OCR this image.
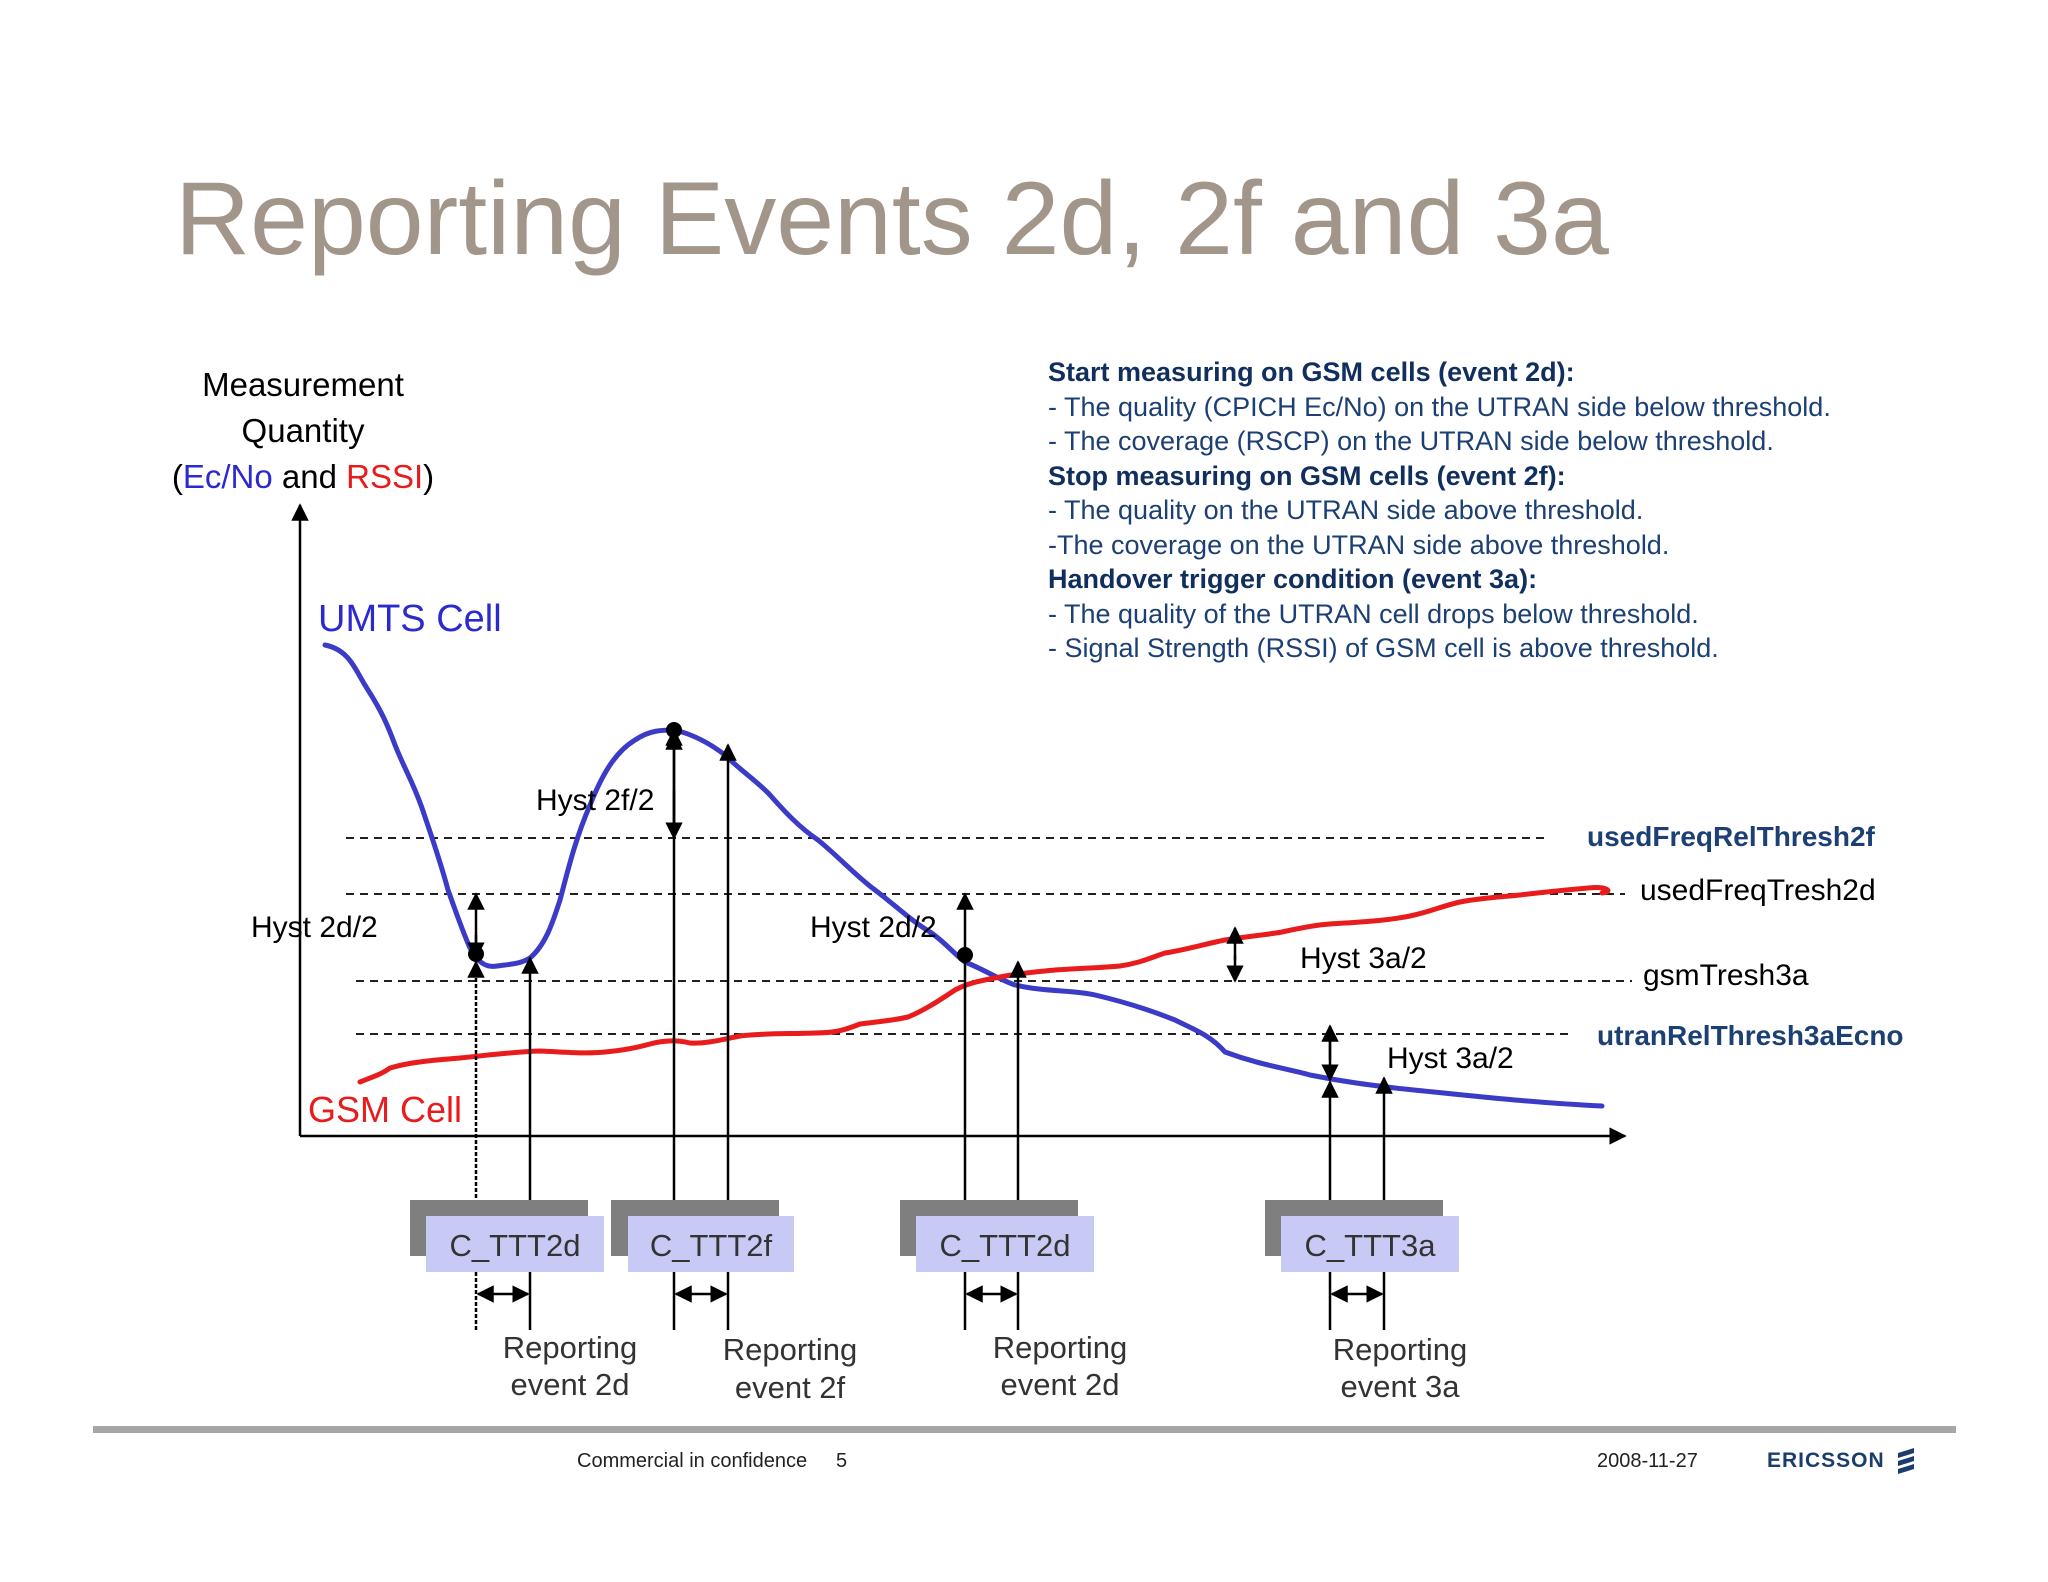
Reporting Events 2d, 2f and 3a
Measurement
Quantity
(Ec/No and RSSI)
usedFreqRelThresh2f
usedFreqTresh2d
gsmTresh3a
utranRelThresh3aEcno
UMTS Cell
GSM Cell
Hyst 2d/2
Hyst 2f/2
Hyst 2d/2
Hyst 3a/2
Hyst 3a/2
C_TTT2d C_TTT2f	C_TTT2d	C_TTT3a
Reporting
event 2d
Reporting
event 2f
Reporting
event 2d
Reporting
event 3a
Start measuring on GSM cells (event 2d):
- The quality (CPICH Ec/No) on the UTRAN side below threshold.
- The coverage (RSCP) on the UTRAN side below threshold.
Stop measuring on GSM cells (event 2f):
- The quality on the UTRAN side above threshold.
-The coverage on the UTRAN side above threshold.
Handover trigger condition (event 3a):
- The quality of the UTRAN cell drops below threshold.
- Signal Strength (RSSI) of GSM cell is above threshold.
Commercial in confidence 5	2008-11-27	ERICSSON
